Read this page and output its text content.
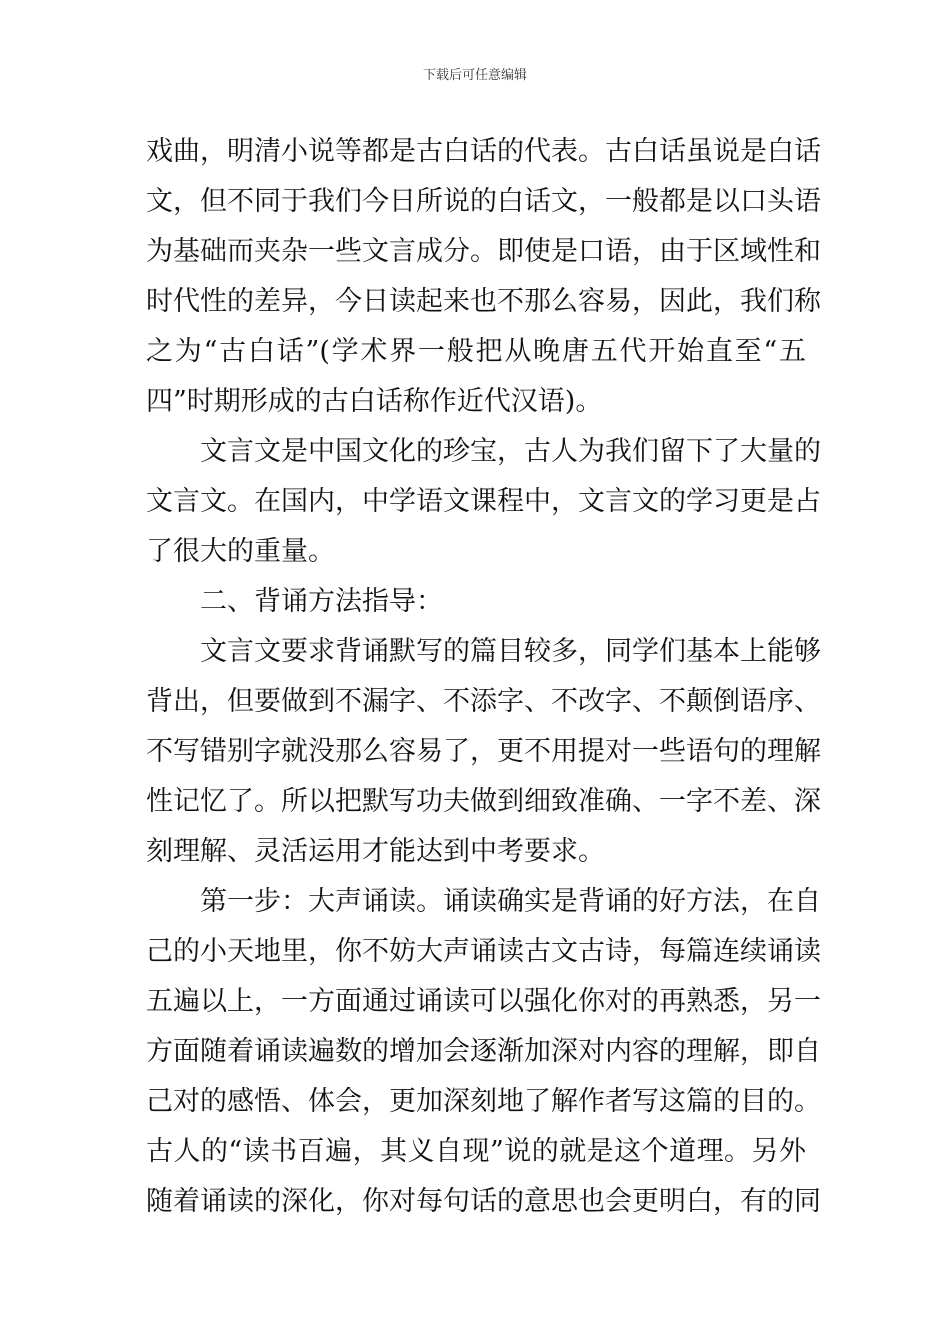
下载后可任意编辑
戏曲，明清小说等都是古白话的代表。古白话虽说是白话
文，但不同于我们今日所说的白话文，一般都是以口头语
为基础而夹杂一些文言成分。即使是口语，由于区域性和
时代性的差异，今日读起来也不那么容易，因此，我们称
之为“古白话”(学术界一般把从晚唐五代开始直至“五
四”时期形成的古白话称作近代汉语)。
文言文是中国文化的珍宝，古人为我们留下了大量的
文言文。在国内，中学语文课程中，文言文的学习更是占
了很大的重量。
二、背诵方法指导：
文言文要求背诵默写的篇目较多，同学们基本上能够
背出，但要做到不漏字、不添字、不改字、不颠倒语序、
不写错别字就没那么容易了，更不用提对一些语句的理解
性记忆了。所以把默写功夫做到细致准确、一字不差、深
刻理解、灵活运用才能达到中考要求。
第一步：大声诵读。诵读确实是背诵的好方法，在自
己的小天地里，你不妨大声诵读古文古诗，每篇连续诵读
五遍以上，一方面通过诵读可以强化你对的再熟悉，另一
方面随着诵读遍数的增加会逐渐加深对内容的理解，即自
己对的感悟、体会，更加深刻地了解作者写这篇的目的。
古人的“读书百遍，其义自现”说的就是这个道理。另外
随着诵读的深化，你对每句话的意思也会更明白，有的同
